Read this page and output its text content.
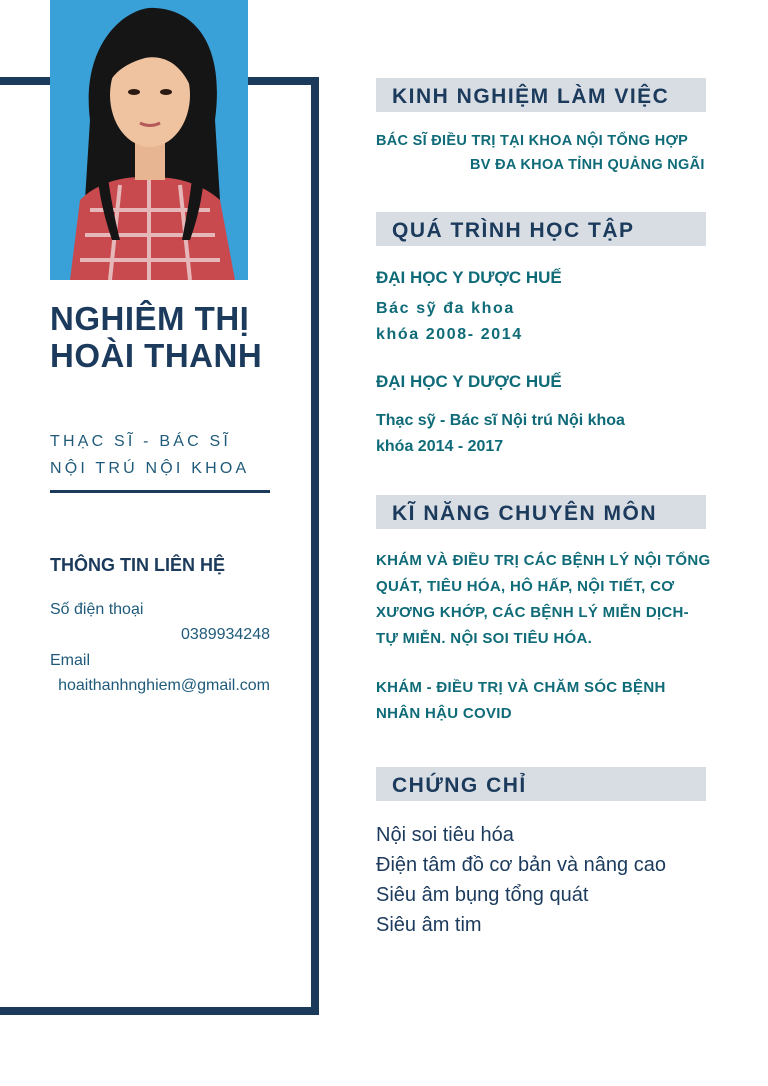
NGHIÊM THỊ
HOÀI THANH
THẠC SĨ - BÁC SĨ
NỘI TRÚ NỘI KHOA
THÔNG TIN LIÊN HỆ
Số điện thoại
0389934248
Email
hoaithanhnghiem@gmail.com
KINH NGHIỆM LÀM VIỆC
BÁC SĨ ĐIỀU TRỊ TẠI KHOA NỘI TỔNG HỢP
BV ĐA KHOA TỈNH QUẢNG NGÃI
QUÁ TRÌNH HỌC TẬP
ĐẠI HỌC Y DƯỢC HUẾ
Bác sỹ đa khoa
khóa 2008- 2014
ĐẠI HỌC Y DƯỢC HUẾ
Thạc sỹ - Bác sĩ Nội trú Nội khoa
khóa 2014 - 2017
KĨ NĂNG CHUYÊN MÔN
KHÁM VÀ ĐIỀU TRỊ CÁC BỆNH LÝ NỘI TỔNG
QUÁT, TIÊU HÓA, HÔ HẤP, NỘI TIẾT, CƠ
XƯƠNG KHỚP, CÁC BỆNH LÝ MIỄN DỊCH-
TỰ MIỄN. NỘI SOI TIÊU HÓA.
KHÁM - ĐIỀU TRỊ VÀ CHĂM SÓC BỆNH
NHÂN HẬU COVID
CHỨNG CHỈ
Nội soi tiêu hóa
Điện tâm đồ cơ bản và nâng cao
Siêu âm bụng tổng quát
Siêu âm tim
